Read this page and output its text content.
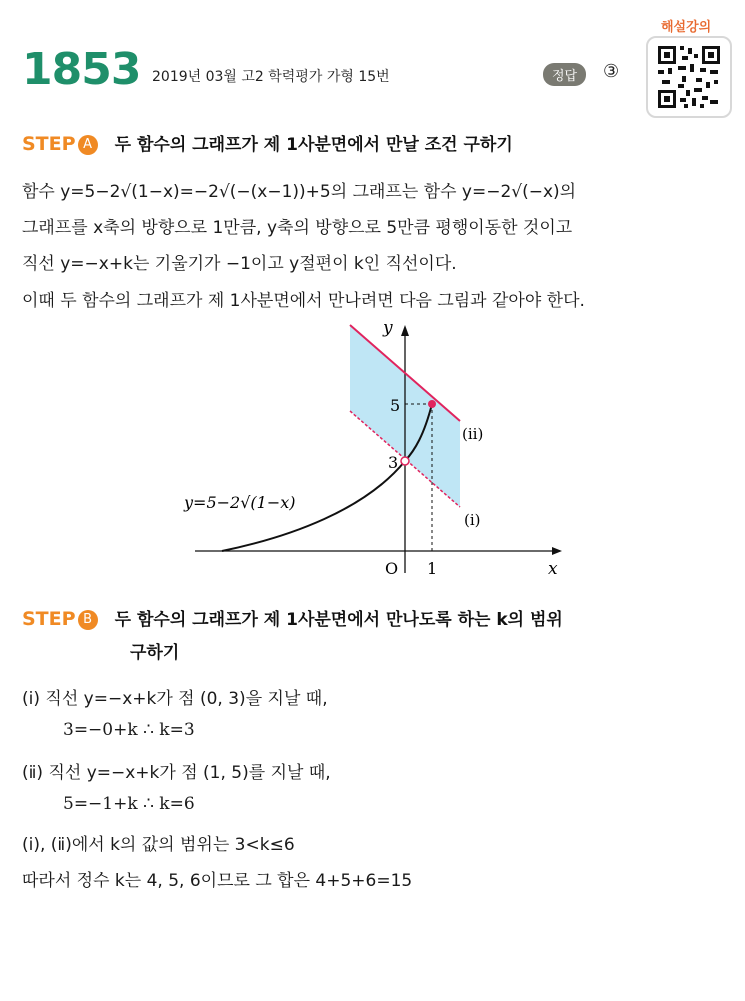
1853 2019년 03월 고2 학력평가 가형 15번	정답	③
해설강의
STEP A 두 함수의 그래프가 제 1사분면에서 만날 조건 구하기
함수 y=5−2√(1−x)=−2√(−(x−1))+5의 그래프는 함수 y=−2√(−x)의
그래프를 x축의 방향으로 1만큼, y축의 방향으로 5만큼 평행이동한 것이고
직선 y=−x+k는 기울기가 −1이고 y절편이 k인 직선이다.
이때 두 함수의 그래프가 제 1사분면에서 만나려면 다음 그림과 같아야 한다.
y
x
O 1
5
3
y=5−2√(1−x)
(ⅱ)
(ⅰ)
STEP B 두 함수의 그래프가 제 1사분면에서 만나도록 하는 k의 범위
구하기
(ⅰ) 직선 y=−x+k가 점 (0, 3)을 지날 때,
3=−0+k ∴ k=3
(ⅱ) 직선 y=−x+k가 점 (1, 5)를 지날 때,
5=−1+k ∴ k=6
(ⅰ), (ⅱ)에서 k의 값의 범위는 3<k≤6
따라서 정수 k는 4, 5, 6이므로 그 합은 4+5+6=15
